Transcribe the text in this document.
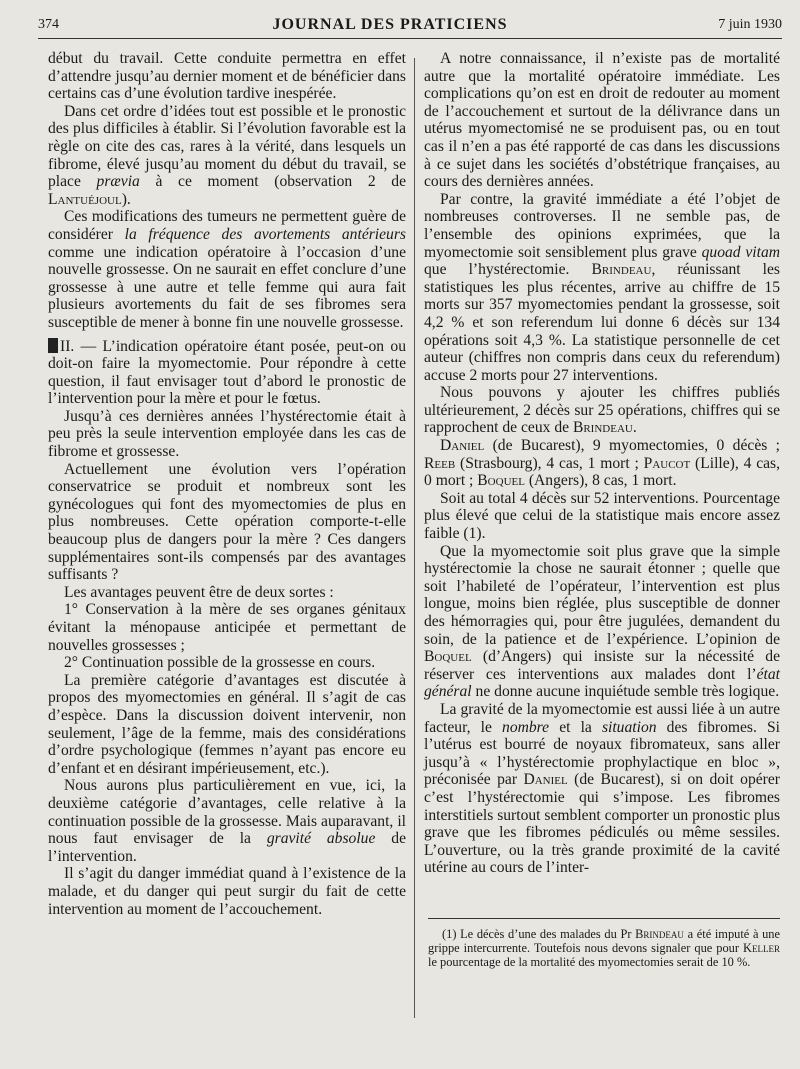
374	JOURNAL DES PRATICIENS	7 juin 1930

début du travail. Cette conduite permettra en effet d’attendre jusqu’au dernier moment et de bénéficier dans certains cas d’une évolution tardive inespérée.

Dans cet ordre d’idées tout est possible et le pronostic des plus difficiles à établir. Si l’évolution favorable est la règle on cite des cas, rares à la vérité, dans lesquels un fibrome, élevé jusqu’au moment du début du travail, se place prævia à ce moment (observation 2 de Lantuéjoul).

Ces modifications des tumeurs ne permettent guère de considérer la fréquence des avortements antérieurs comme une indication opératoire à l’occasion d’une nouvelle grossesse. On ne saurait en effet conclure d’une grossesse à une autre et telle femme qui aura fait plusieurs avortements du fait de ses fibromes sera susceptible de mener à bonne fin une nouvelle grossesse.

II. — L’indication opératoire étant posée, peut-on ou doit-on faire la myomectomie. Pour répondre à cette question, il faut envisager tout d’abord le pronostic de l’intervention pour la mère et pour le fœtus.

Jusqu’à ces dernières années l’hystérectomie était à peu près la seule intervention employée dans les cas de fibrome et grossesse.

Actuellement une évolution vers l’opération conservatrice se produit et nombreux sont les gynécologues qui font des myomectomies de plus en plus nombreuses. Cette opération comporte-t-elle beaucoup plus de dangers pour la mère ? Ces dangers supplémentaires sont-ils compensés par des avantages suffisants ?

Les avantages peuvent être de deux sortes :

1° Conservation à la mère de ses organes génitaux évitant la ménopause anticipée et permettant de nouvelles grossesses ;

2° Continuation possible de la grossesse en cours.

La première catégorie d’avantages est discutée à propos des myomectomies en général. Il s’agit de cas d’espèce. Dans la discussion doivent intervenir, non seulement, l’âge de la femme, mais des considérations d’ordre psychologique (femmes n’ayant pas encore eu d’enfant et en désirant impérieusement, etc.).

Nous aurons plus particulièrement en vue, ici, la deuxième catégorie d’avantages, celle relative à la continuation possible de la grossesse. Mais auparavant, il nous faut envisager de la gravité absolue de l’intervention.

Il s’agit du danger immédiat quand à l’existence de la malade, et du danger qui peut surgir du fait de cette intervention au moment de l’accouchement.

A notre connaissance, il n’existe pas de mortalité autre que la mortalité opératoire immédiate. Les complications qu’on est en droit de redouter au moment de l’accouchement et surtout de la délivrance dans un utérus myomectomisé ne se produisent pas, ou en tout cas il n’en a pas été rapporté de cas dans les discussions à ce sujet dans les sociétés d’obstétrique françaises, au cours des dernières années.

Par contre, la gravité immédiate a été l’objet de nombreuses controverses. Il ne semble pas, de l’ensemble des opinions exprimées, que la myomectomie soit sensiblement plus grave quoad vitam que l’hystérectomie. Brindeau, réunissant les statistiques les plus récentes, arrive au chiffre de 15 morts sur 357 myomectomies pendant la grossesse, soit 4,2 % et son referendum lui donne 6 décès sur 134 opérations soit 4,3 %. La statistique personnelle de cet auteur (chiffres non compris dans ceux du referendum) accuse 2 morts pour 27 interventions.

Nous pouvons y ajouter les chiffres publiés ultérieurement, 2 décès sur 25 opérations, chiffres qui se rapprochent de ceux de Brindeau.

Daniel (de Bucarest), 9 myomectomies, 0 décès ; Reeb (Strasbourg), 4 cas, 1 mort ; Paucot (Lille), 4 cas, 0 mort ; Boquel (Angers), 8 cas, 1 mort.

Soit au total 4 décès sur 52 interventions. Pourcentage plus élevé que celui de la statistique mais encore assez faible (1).

Que la myomectomie soit plus grave que la simple hystérectomie la chose ne saurait étonner ; quelle que soit l’habileté de l’opérateur, l’intervention est plus longue, moins bien réglée, plus susceptible de donner des hémorragies qui, pour être jugulées, demandent du soin, de la patience et de l’expérience. L’opinion de Boquel (d’Angers) qui insiste sur la nécessité de réserver ces interventions aux malades dont l’état général ne donne aucune inquiétude semble très logique.

La gravité de la myomectomie est aussi liée à un autre facteur, le nombre et la situation des fibromes. Si l’utérus est bourré de noyaux fibromateux, sans aller jusqu’à « l’hystérectomie prophylactique en bloc », préconisée par Daniel (de Bucarest), si on doit opérer c’est l’hystérectomie qui s’impose. Les fibromes interstitiels surtout semblent comporter un pronostic plus grave que les fibromes pédiculés ou même sessiles. L’ouverture, ou la très grande proximité de la cavité utérine au cours de l’inter-

(1) Le décès d’une des malades du Pr Brindeau a été imputé à une grippe intercurrente. Toutefois nous devons signaler que pour Keller le pourcentage de la mortalité des myomectomies serait de 10 %.
